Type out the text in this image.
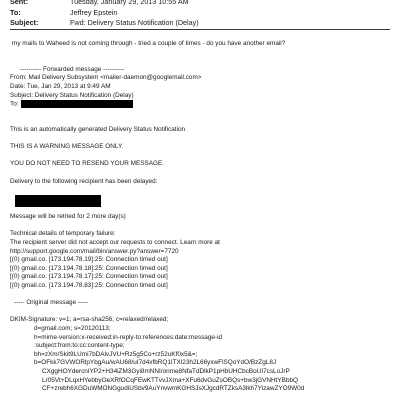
Sent:	Tuesday, January 29, 2013 10:55 AM
To:	Jeffrey Epstein
Subject:	Fwd: Delivery Status Notification (Delay)
my mails to Waheed is not coming through - tried a couple of times - do you have another email?
---------- Forwarded message ----------
From: Mail Delivery Subsystem <mailer-daemon@googlemail.com>
Date: Tue, Jan 29, 2013 at 9:49 AM
Subject: Delivery Status Notification (Delay)
To:
This is an automatically generated Delivery Status Notification
THIS IS A WARNING MESSAGE ONLY.
YOU DO NOT NEED TO RESEND YOUR MESSAGE.
Delivery to the following recipient has been delayed:
Message will be retried for 2 more day(s)
Technical details of temporary failure:
The recipient server did not accept our requests to connect. Learn more at
http://support.google.com/mail/bin/answer.py?answer=7720
[(0) gmail.co. [173.194.78.19]:25: Connection timed out]
[(0) gmail.co. [173.194.78.18]:25: Connection timed out]
[(0) gmail.co. [173.194.78.17]:25: Connection timed out]
[(0) gmail.co. [173.194.78.83]:25: Connection timed out]
----- Original message -----
DKIM-Signature: v=1; a=rsa-sha256; c=relaxed/relaxed;
d=gmail.com; s=20120113;
h=mime-version:x-received:in-reply-to:references:date:message-id
:subject:from:to:cc:content-type;
bh=zXm/Skit9LUmi7bDAlvJVU+Rz5g5Co+rz52uKf0x5&=;
b=OFkk7GVWORlpYbgAu/wAU68/uI7d4xfbRQ1ITXl23h2L66yxwFlSQoYdO/BzZgL8J
CXggHOYdercnIYP2+H34iZM3Gyi8mNNI/onme8NfaTdDlkP1pHbUHCbcBoUI7csLoJrP
Lr05Vt+DLqxHYebbyOeXRfOCqFEwKTTvvJXma+XFu6dvGuZsOBQs+bw3jGVNHtYBbbQ
CF+zrebh6XGDuWMONGgudiUSbv9AuYnvwmKGHSJsXJgcdRTZksA3lkh7YizawZYO9W0d
